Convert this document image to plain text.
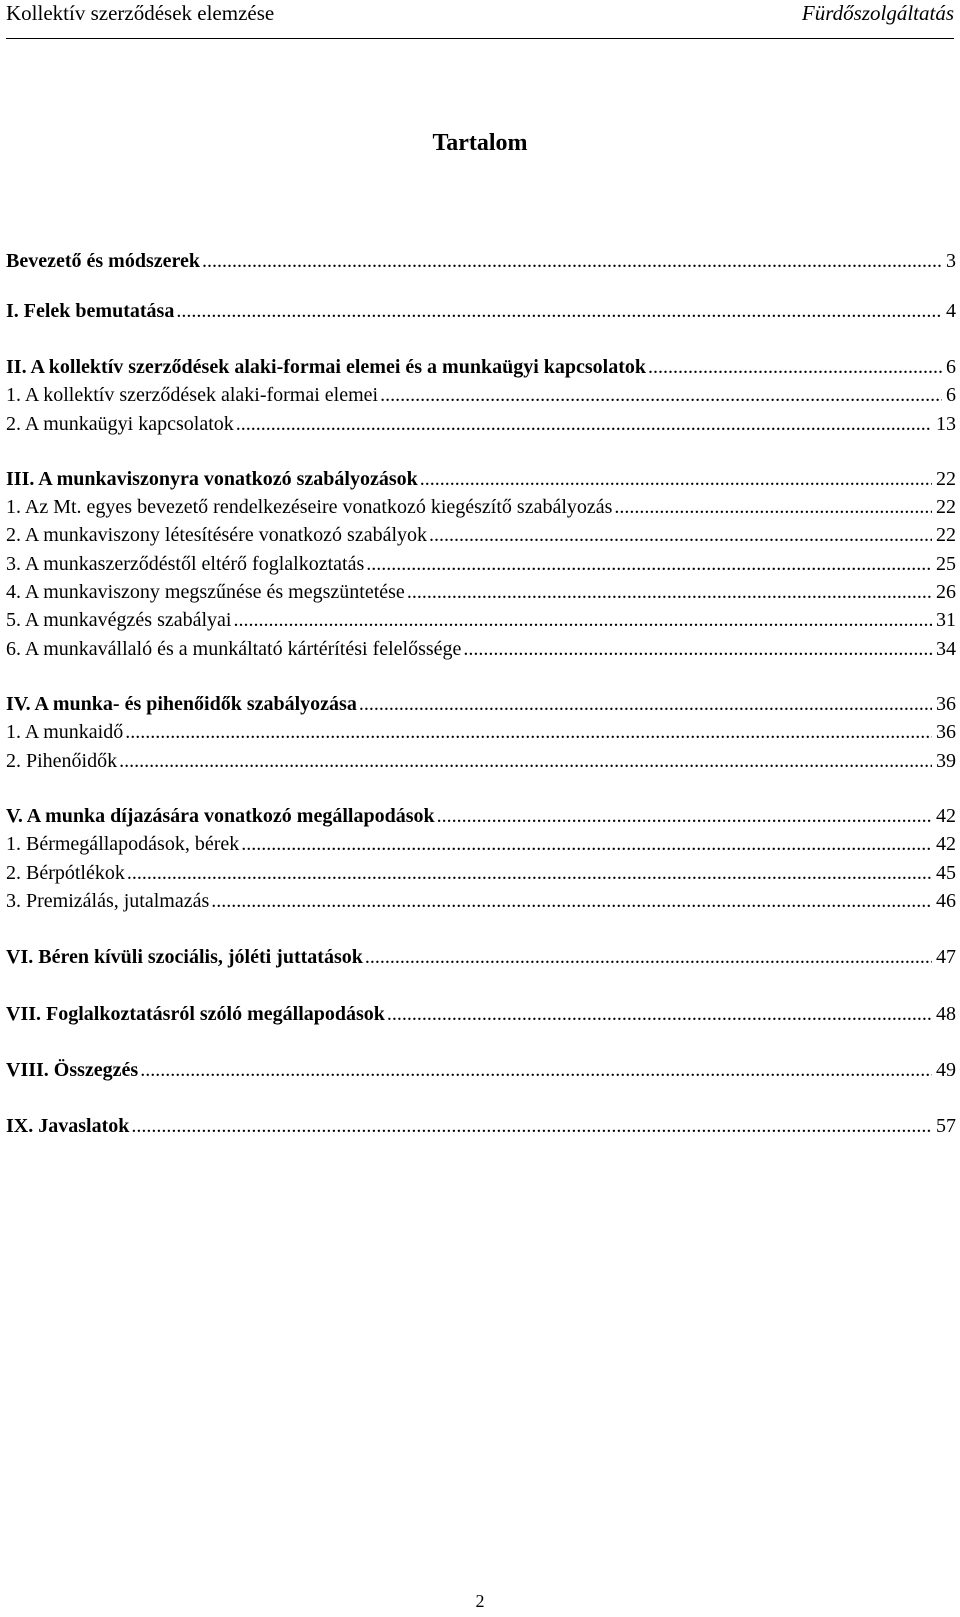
Kollektív szerződések elemzése	Fürdőszolgáltatás
Tartalom
Bevezető és módszerek .....	3
I. Felek bemutatása .....	4
II. A kollektív szerződések alaki-formai elemei és a munkaügyi kapcsolatok .....	6
1. A kollektív szerződések alaki-formai elemei .....	6
2. A munkaügyi kapcsolatok .....	13
III. A munkaviszonyra vonatkozó szabályozások .....	22
1. Az Mt. egyes bevezető rendelkezéseire vonatkozó kiegészítő szabályozás .....	22
2. A munkaviszony létesítésére vonatkozó szabályok .....	22
3. A munkaszerződéstől eltérő foglalkoztatás .....	25
4. A munkaviszony megszűnése és megszüntetése .....	26
5. A munkavégzés szabályai .....	31
6. A munkavállaló és a munkáltató kártérítési felelőssége .....	34
IV. A munka- és pihenőidők szabályozása .....	36
1. A munkaidő .....	36
2. Pihenőidők .....	39
V. A munka díjazására vonatkozó megállapodások .....	42
1. Bérmegállapodások, bérek .....	42
2. Bérpótlékok .....	45
3. Premizálás, jutalmazás .....	46
VI. Béren kívüli szociális, jóléti juttatások .....	47
VII. Foglalkoztatásról szóló megállapodások .....	48
VIII. Összegzés .....	49
IX. Javaslatok .....	57
2
